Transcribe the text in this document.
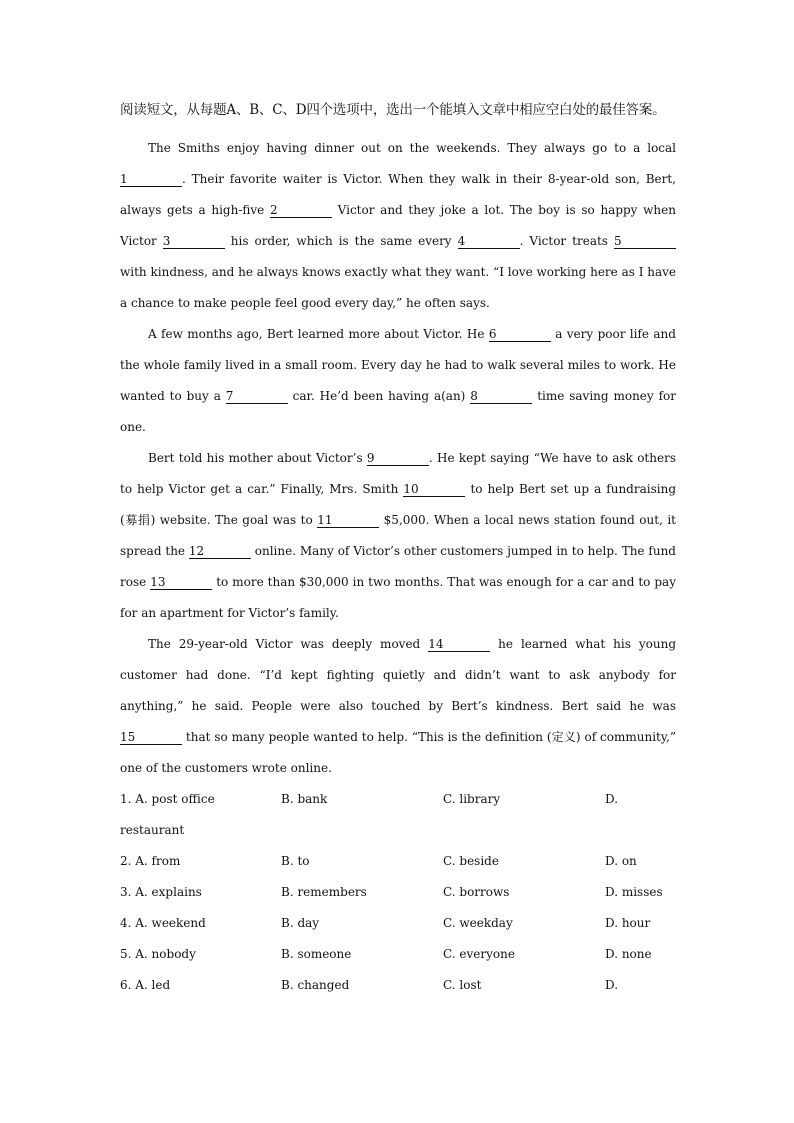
阅读短文，从每题A、B、C、D四个选项中，选出一个能填入文章中相应空白处的最佳答案。

The Smiths enjoy having dinner out on the weekends. They always go to a local 1	. Their favorite waiter is Victor. When they walk in their 8-year-old son, Bert, always gets a high-five 2	Victor and they joke a lot. The boy is so happy when Victor 3	his order, which is the same every 4	. Victor treats 5 with kindness, and he always knows exactly what they want. “I love working here as I have a chance to make people feel good every day,” he often says.

A few months ago, Bert learned more about Victor. He 6	a very poor life and the whole family lived in a small room. Every day he had to walk several miles to work. He wanted to buy a 7	car. He’d been having a(an) 8	time saving money for one.

Bert told his mother about Victor’s 9	. He kept saying “We have to ask others to help Victor get a car.” Finally, Mrs. Smith 10	to help Bert set up a fundraising (募捐) website. The goal was to 11	$5,000. When a local news station found out, it spread the 12	online. Many of Victor’s other customers jumped in to help. The fund rose 13	to more than $30,000 in two months. That was enough for a car and to pay for an apartment for Victor’s family.

The 29-year-old Victor was deeply moved 14	he learned what his young customer had done. “I’d kept fighting quietly and didn’t want to ask anybody for anything,” he said. People were also touched by Bert’s kindness. Bert said he was 15	that so many people wanted to help. “This is the definition (定义) of community,” one of the customers wrote online.

1. A. post office	B. bank	C. library	D.
restaurant
2. A. from	B. to	C. beside	D. on
3. A. explains	B. remembers	C. borrows	D. misses
4. A. weekend	B. day	C. weekday	D. hour
5. A. nobody	B. someone	C. everyone	D. none
6. A. led	B. changed	C. lost	D.
